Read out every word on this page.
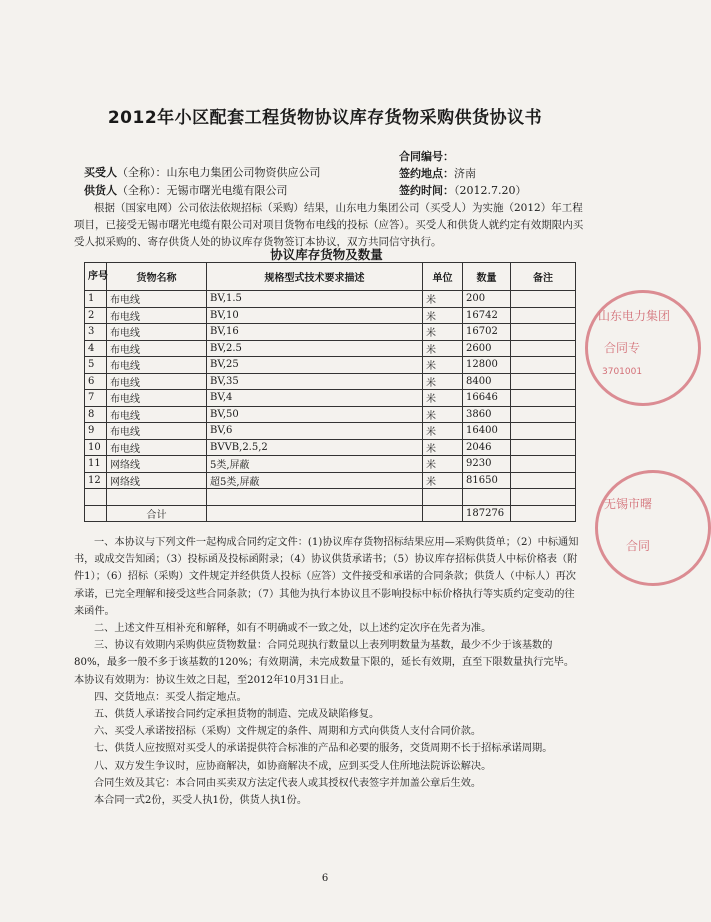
2012年小区配套工程货物协议库存货物采购供货协议书
合同编号：
买受人（全称）：山东电力集团公司物资供应公司	签约地点：济南
供货人（全称）：无锡市曙光电缆有限公司	签约时间：（2012.7.20）

根据（国家电网）公司依法依规招标（采购）结果，山东电力集团公司（买受人）为实施（2012）年工程项目，已接受无锡市曙光电缆有限公司对项目货物布电线的投标（应答）。买受人和供货人就约定有效期限内买受人拟采购的、寄存供货人处的协议库存货物签订本协议，双方共同信守执行。

协议库存货物及数量
序号	货物名称	规格型式技术要求描述	单位	数量	备注
1	布电线	BV,1.5	米	200	
2	布电线	BV,10	米	16742	
3	布电线	BV,16	米	16702	
4	布电线	BV,2.5	米	2600	
5	布电线	BV,25	米	12800	
6	布电线	BV,35	米	8400	
7	布电线	BV,4	米	16646	
8	布电线	BV,50	米	3860	
9	布电线	BV,6	米	16400	
10	布电线	BVVB,2.5,2	米	2046	
11	网络线	5类,屏蔽	米	9230	
12	网络线	超5类,屏蔽	米	81650	

	合计			187276	

一、本协议与下列文件一起构成合同约定文件：(1)协议库存货物招标结果应用—采购供货单；（2）中标通知书，或成交告知函；（3）投标函及投标函附录；（4）协议供货承诺书；（5）协议库存招标供货人中标价格表（附件1）；（6）招标（采购）文件规定并经供货人投标（应答）文件接受和承诺的合同条款；供货人（中标人）再次承诺，已完全理解和接受这些合同条款；（7）其他为执行本协议且不影响投标中标价格执行等实质约定变动的往来函件。

二、上述文件互相补充和解释，如有不明确或不一致之处，以上述约定次序在先者为准。

三、协议有效期内采购供应货物数量：合同兑现执行数量以上表列明数量为基数，最少不少于该基数的80%，最多一般不多于该基数的120%；有效期满，未完成数量下限的，延长有效期，直至下限数量执行完毕。本协议有效期为：协议生效之日起，至2012年10月31日止。

四、交货地点：买受人指定地点。

五、供货人承诺按合同约定承担货物的制造、完成及缺陷修复。

六、买受人承诺按招标（采购）文件规定的条件、周期和方式向供货人支付合同价款。

七、供货人应按照对买受人的承诺提供符合标准的产品和必要的服务，交货周期不长于招标承诺周期。

八、双方发生争议时，应协商解决，如协商解决不成，应到买受人住所地法院诉讼解决。

合同生效及其它：本合同由买卖双方法定代表人或其授权代表签字并加盖公章后生效。

本合同一式2份，买受人执1份，供货人执1份。

6
山东电力集团
合同专
3701001
无锡市曙
合同
